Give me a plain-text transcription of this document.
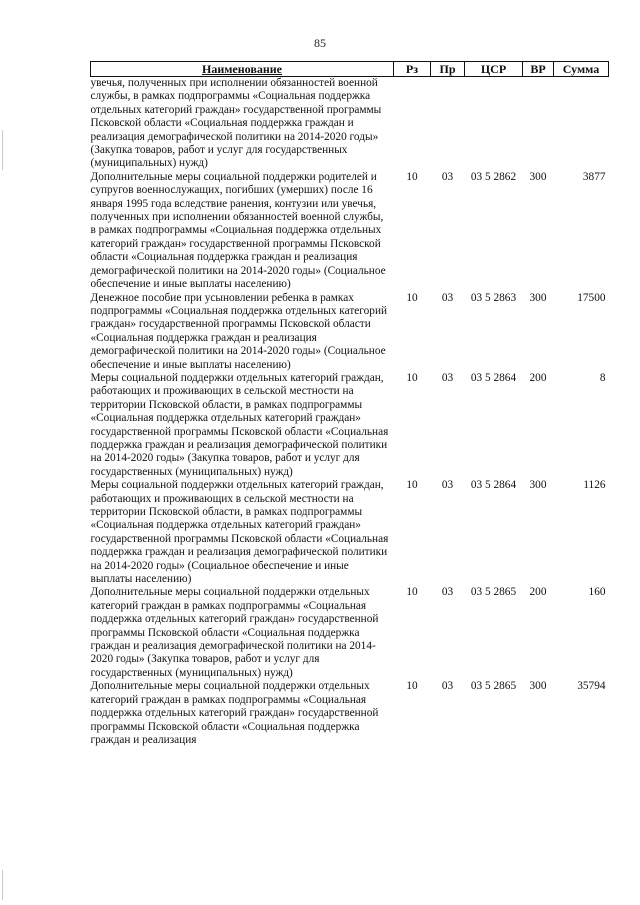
85
Наименование	Рз	Пр	ЦСР	ВР	Сумма
увечья, полученных при исполнении обязанностей военной службы, в рамках подпрограммы «Социальная поддержка отдельных категорий граждан» государственной программы Псковской области «Социальная поддержка граждан и реализация демографической политики на 2014-2020 годы» (Закупка товаров, работ и услуг для государственных (муниципальных) нужд)					
Дополнительные меры социальной поддержки родителей и супругов военнослужащих, погибших (умерших) после 16 января 1995 года вследствие ранения, контузии или увечья, полученных при исполнении обязанностей военной службы, в рамках подпрограммы «Социальная поддержка отдельных категорий граждан» государственной программы Псковской области «Социальная поддержка граждан и реализация демографической политики на 2014-2020 годы» (Социальное обеспечение и иные выплаты населению)	10	03	03 5 2862	300	3877
Денежное пособие при усыновлении ребенка в рамках подпрограммы «Социальная поддержка отдельных категорий граждан» государственной программы Псковской области «Социальная поддержка граждан и реализация демографической политики на 2014-2020 годы» (Социальное обеспечение и иные выплаты населению)	10	03	03 5 2863	300	17500
Меры социальной поддержки отдельных категорий граждан, работающих и проживающих в сельской местности на территории Псковской области, в рамках подпрограммы «Социальная поддержка отдельных категорий граждан» государственной программы Псковской области «Социальная поддержка граждан и реализация демографической политики на 2014-2020 годы» (Закупка товаров, работ и услуг для государственных (муниципальных) нужд)	10	03	03 5 2864	200	8
Меры социальной поддержки отдельных категорий граждан, работающих и проживающих в сельской местности на территории Псковской области, в рамках подпрограммы «Социальная поддержка отдельных категорий граждан» государственной программы Псковской области «Социальная поддержка граждан и реализация демографической политики на 2014-2020 годы» (Социальное обеспечение и иные выплаты населению)	10	03	03 5 2864	300	1126
Дополнительные меры социальной поддержки отдельных категорий граждан в рамках подпрограммы «Социальная поддержка отдельных категорий граждан» государственной программы Псковской области «Социальная поддержка граждан и реализация демографической политики на 2014-2020 годы» (Закупка товаров, работ и услуг для государственных (муниципальных) нужд)	10	03	03 5 2865	200	160
Дополнительные меры социальной поддержки отдельных категорий граждан в рамках подпрограммы «Социальная поддержка отдельных категорий граждан» государственной программы Псковской области «Социальная поддержка граждан и реализация	10	03	03 5 2865	300	35794
